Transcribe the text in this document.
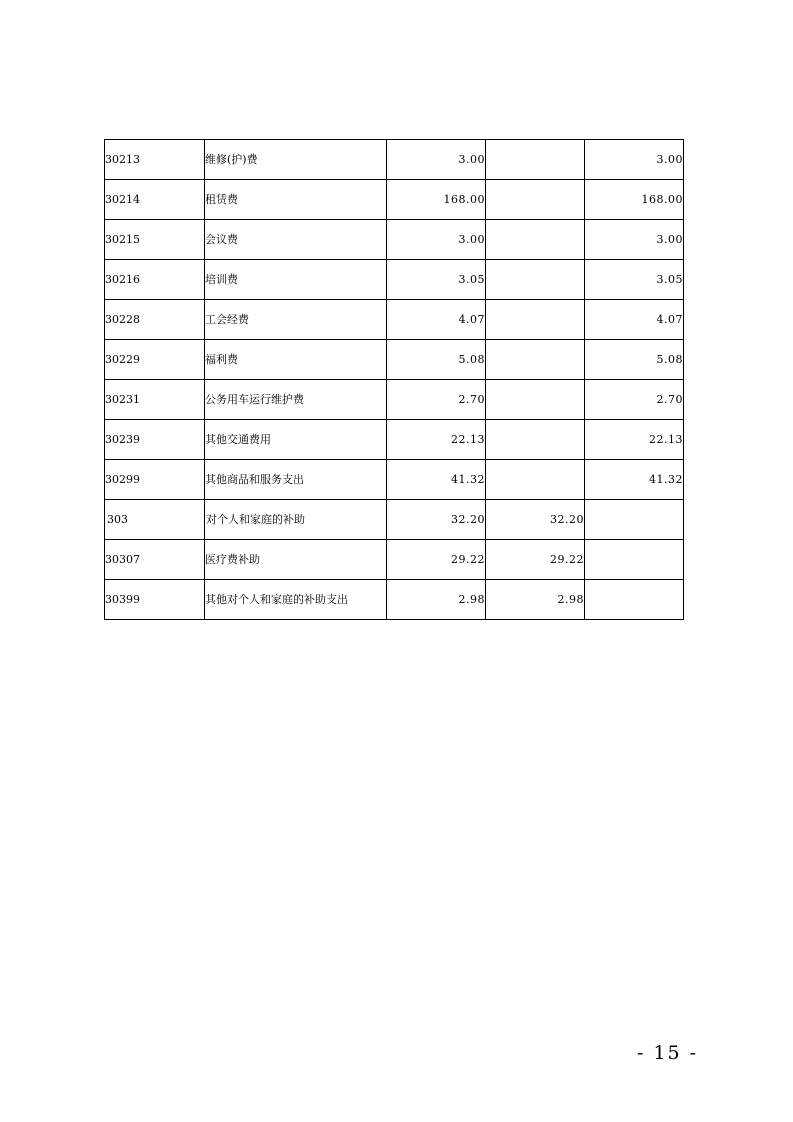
30213	维修(护)费	3.00		3.00
30214	租赁费	168.00		168.00
30215	会议费	3.00		3.00
30216	培训费	3.05		3.05
30228	工会经费	4.07		4.07
30229	福利费	5.08		5.08
30231	公务用车运行维护费	2.70		2.70
30239	其他交通费用	22.13		22.13
30299	其他商品和服务支出	41.32		41.32
303	对个人和家庭的补助	32.20	32.20	
30307	医疗费补助	29.22	29.22	
30399	其他对个人和家庭的补助支出	2.98	2.98	
- 15 -
